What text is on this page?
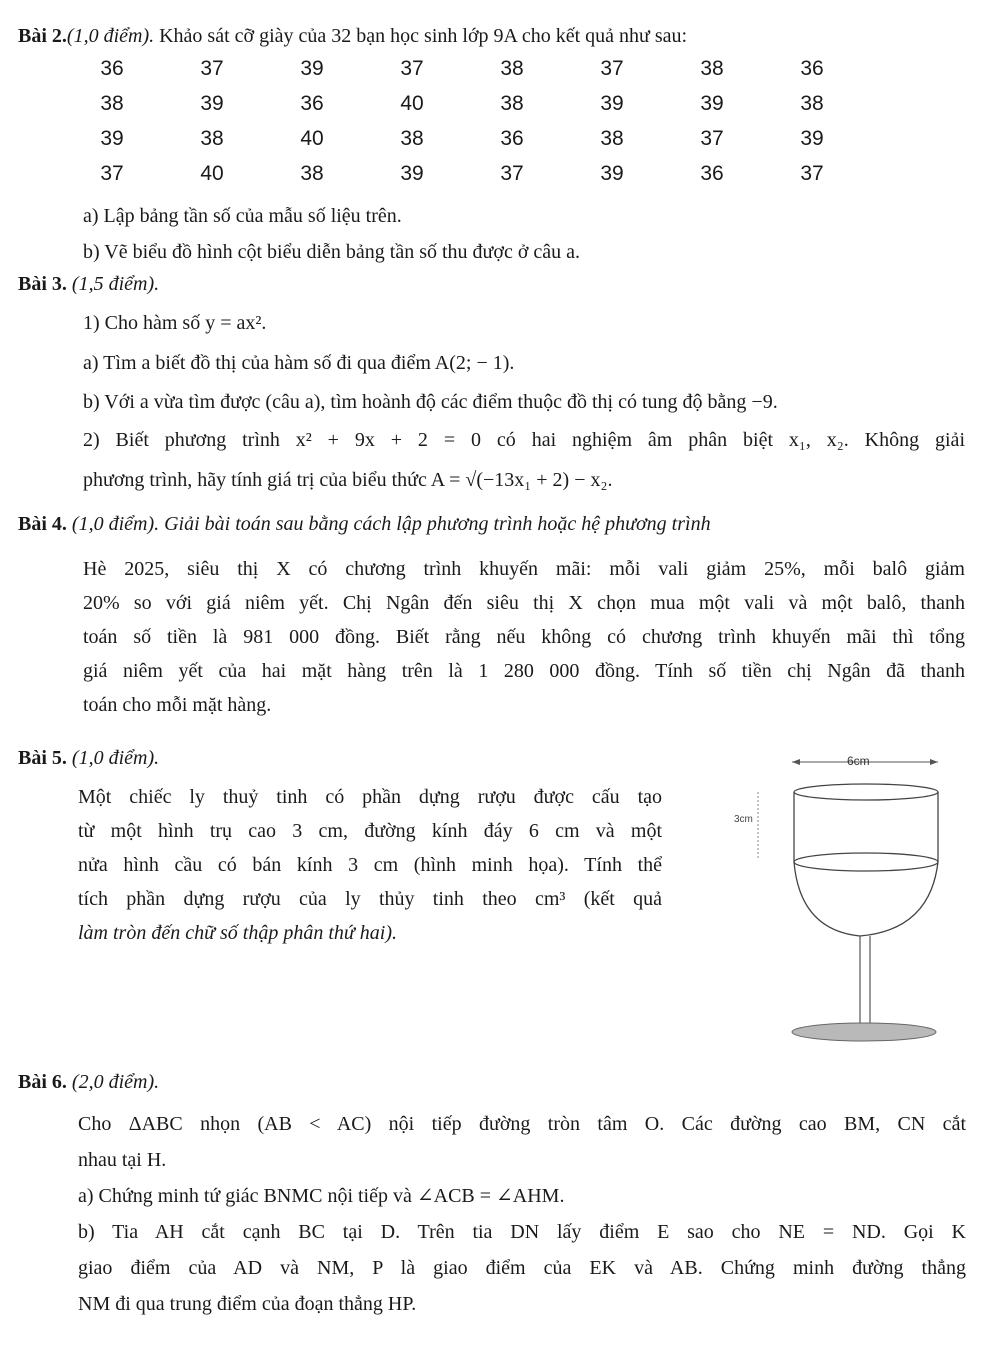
Bài 2.(1,0 điểm). Khảo sát cỡ giày của 32 bạn học sinh lớp 9A cho kết quả như sau:
36	37	39	37	38	37	38	36
38	39	36	40	38	39	39	38
39	38	40	38	36	38	37	39
37	40	38	39	37	39	36	37
a) Lập bảng tần số của mẫu số liệu trên.
b) Vẽ biểu đồ hình cột biểu diễn bảng tần số thu được ở câu a.
Bài 3. (1,5 điểm).
1) Cho hàm số y = ax².
a) Tìm a biết đồ thị của hàm số đi qua điểm A(2; − 1).
b) Với a vừa tìm được (câu a), tìm hoành độ các điểm thuộc đồ thị có tung độ bằng −9.
2) Biết phương trình x² + 9x + 2 = 0 có hai nghiệm âm phân biệt x₁, x₂. Không giải
phương trình, hãy tính giá trị của biểu thức A = √(−13x₁ + 2) − x₂.
Bài 4. (1,0 điểm). Giải bài toán sau bằng cách lập phương trình hoặc hệ phương trình
Hè 2025, siêu thị X có chương trình khuyến mãi: mỗi vali giảm 25%, mỗi balô giảm
20% so với giá niêm yết. Chị Ngân đến siêu thị X chọn mua một vali và một balô, thanh
toán số tiền là 981 000 đồng. Biết rằng nếu không có chương trình khuyến mãi thì tổng
giá niêm yết của hai mặt hàng trên là 1 280 000 đồng. Tính số tiền chị Ngân đã thanh
toán cho mỗi mặt hàng.
Bài 5. (1,0 điểm).
Một chiếc ly thuỷ tinh có phần dựng rượu được cấu tạo
từ một hình trụ cao 3 cm, đường kính đáy 6 cm và một
nửa hình cầu có bán kính 3 cm (hình minh họa). Tính thể
tích phần dựng rượu của ly thủy tinh theo cm³ (kết quả
làm tròn đến chữ số thập phân thứ hai).
6cm
3cm
Bài 6. (2,0 điểm).
Cho ΔABC nhọn (AB < AC) nội tiếp đường tròn tâm O. Các đường cao BM, CN cắt
nhau tại H.
a) Chứng minh tứ giác BNMC nội tiếp và ∠ACB = ∠AHM.
b) Tia AH cắt cạnh BC tại D. Trên tia DN lấy điểm E sao cho NE = ND. Gọi K
giao điểm của AD và NM, P là giao điểm của EK và AB. Chứng minh đường thẳng
NM đi qua trung điểm của đoạn thẳng HP.
